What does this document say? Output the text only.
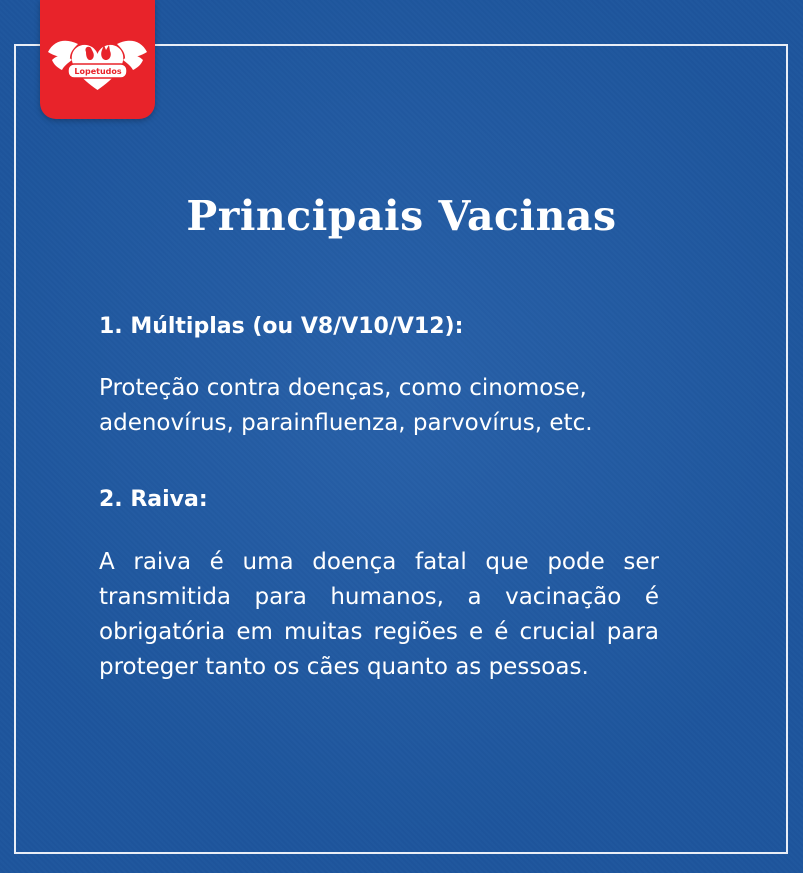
Lopetudos
Principais Vacinas
1. Múltiplas (ou V8/V10/V12):
Proteção contra doenças, como cinomose, adenovírus, parainfluenza, parvovírus, etc.
2. Raiva:
A raiva é uma doença fatal que pode ser transmitida para humanos, a vacinação é obrigatória em muitas regiões e é crucial para proteger tanto os cães quanto as pessoas.
